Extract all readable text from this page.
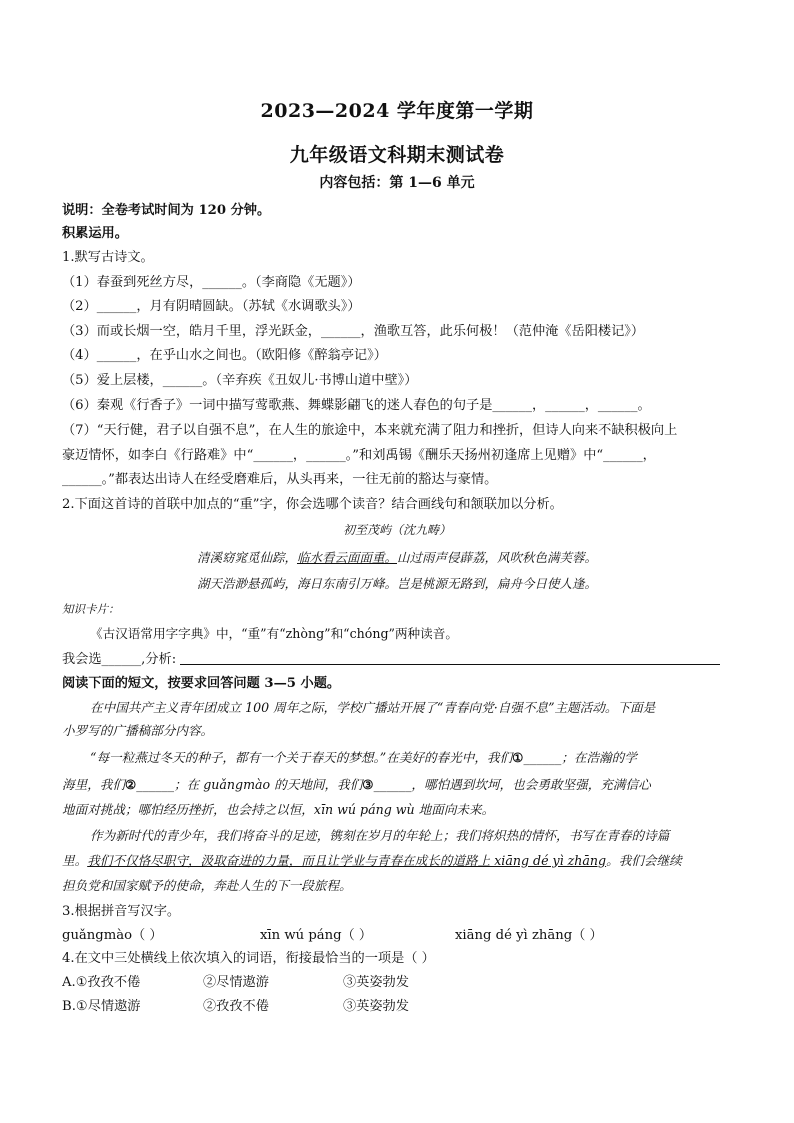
2023—2024 学年度第一学期
九年级语文科期末测试卷
内容包括：第 1—6 单元
说明：全卷考试时间为 120 分钟。
积累运用。
1.默写古诗文。
（1）春蚕到死丝方尽，______。（李商隐《无题》）
（2）______，月有阴晴圆缺。（苏轼《水调歌头》）
（3）而或长烟一空，皓月千里，浮光跃金，______，渔歌互答，此乐何极！（范仲淹《岳阳楼记》）
（4）______，在乎山水之间也。（欧阳修《醉翁亭记》）
（5）爱上层楼，______。（辛弃疾《丑奴儿·书博山道中壁》）
（6）秦观《行香子》一词中描写莺歌燕、舞蝶影翩飞的迷人春色的句子是______，______，______。
（7）“天行健，君子以自强不息”，在人生的旅途中，本来就充满了阻力和挫折，但诗人向来不缺积极向上
豪迈情怀，如李白《行路难》中“______，______。”和刘禹锡《酬乐天扬州初逢席上见赠》中“______，
______。”都表达出诗人在经受磨难后，从头再来，一往无前的豁达与豪情。
2.下面这首诗的首联中加点的“重”字，你会选哪个读音？结合画线句和颔联加以分析。
初至茂屿（沈九畴）
清溪窈窕觅仙踪，临水看云面面重。山过雨声侵薜荔，风吹秋色满芙蓉。
湖天浩渺悬孤屿，海日东南引万峰。岂是桃源无路到，扁舟今日使人逢。
知识卡片：
《古汉语常用字字典》中，“重”有“zhòng”和“chóng”两种读音。
我会选______,分析:
阅读下面的短文，按要求回答问题 3—5 小题。
在中国共产主义青年团成立 100 周年之际，学校广播站开展了“青春向党·自强不息”主题活动。下面是
小罗写的广播稿部分内容。
“每一粒燕过冬天的种子，都有一个关于春天的梦想。”在美好的春光中，我们①______；在浩瀚的学
海里，我们②______；在 guǎngmào 的天地间，我们③______，哪怕遇到坎坷，也会勇敢坚强，充满信心
地面对挑战；哪怕经历挫折，也会持之以恒，xīn wú páng wù 地面向未来。
作为新时代的青少年，我们将奋斗的足迹，镌刻在岁月的年轮上；我们将炽热的情怀，书写在青春的诗篇
里。我们不仅恪尽职守，汲取奋进的力量，而且让学业与青春在成长的道路上 xiāng dé yì zhāng。我们会继续
担负党和国家赋予的使命，奔赴人生的下一段旅程。
3.根据拼音写汉字。
guǎngmào（ ）	xīn wú páng（ ）	xiāng dé yì zhāng（ ）
4.在文中三处横线上依次填入的词语，衔接最恰当的一项是（ ）
A.①孜孜不倦	②尽情遨游	③英姿勃发
B.①尽情遨游	②孜孜不倦	③英姿勃发
